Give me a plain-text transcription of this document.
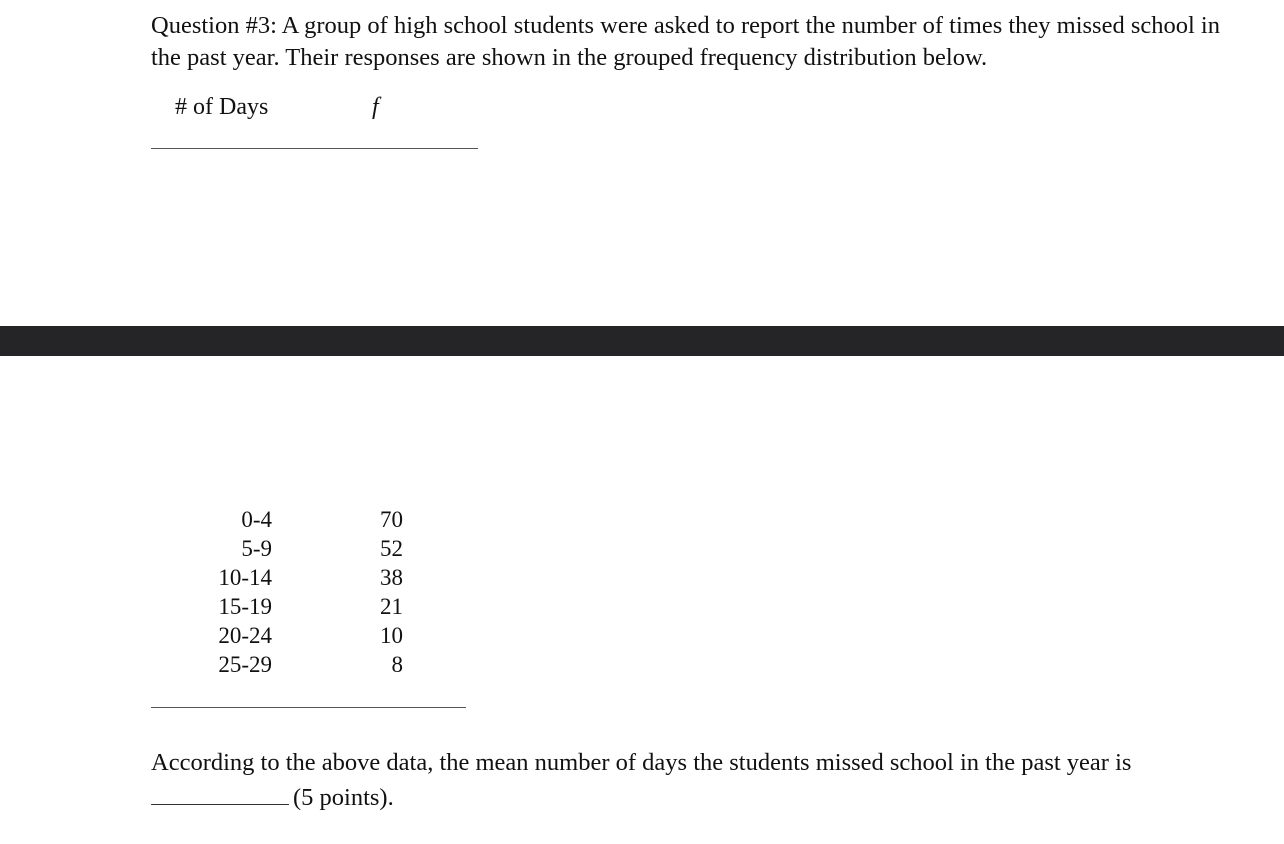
Question #3: A group of high school students were asked to report the number of times they missed school in the past year. Their responses are shown in the grouped frequency distribution below.
# of Days	f
0-4	70
5-9	52
10-14	38
15-19	21
20-24	10
25-29	8
According to the above data, the mean number of days the students missed school in the past year is
(5 points).
